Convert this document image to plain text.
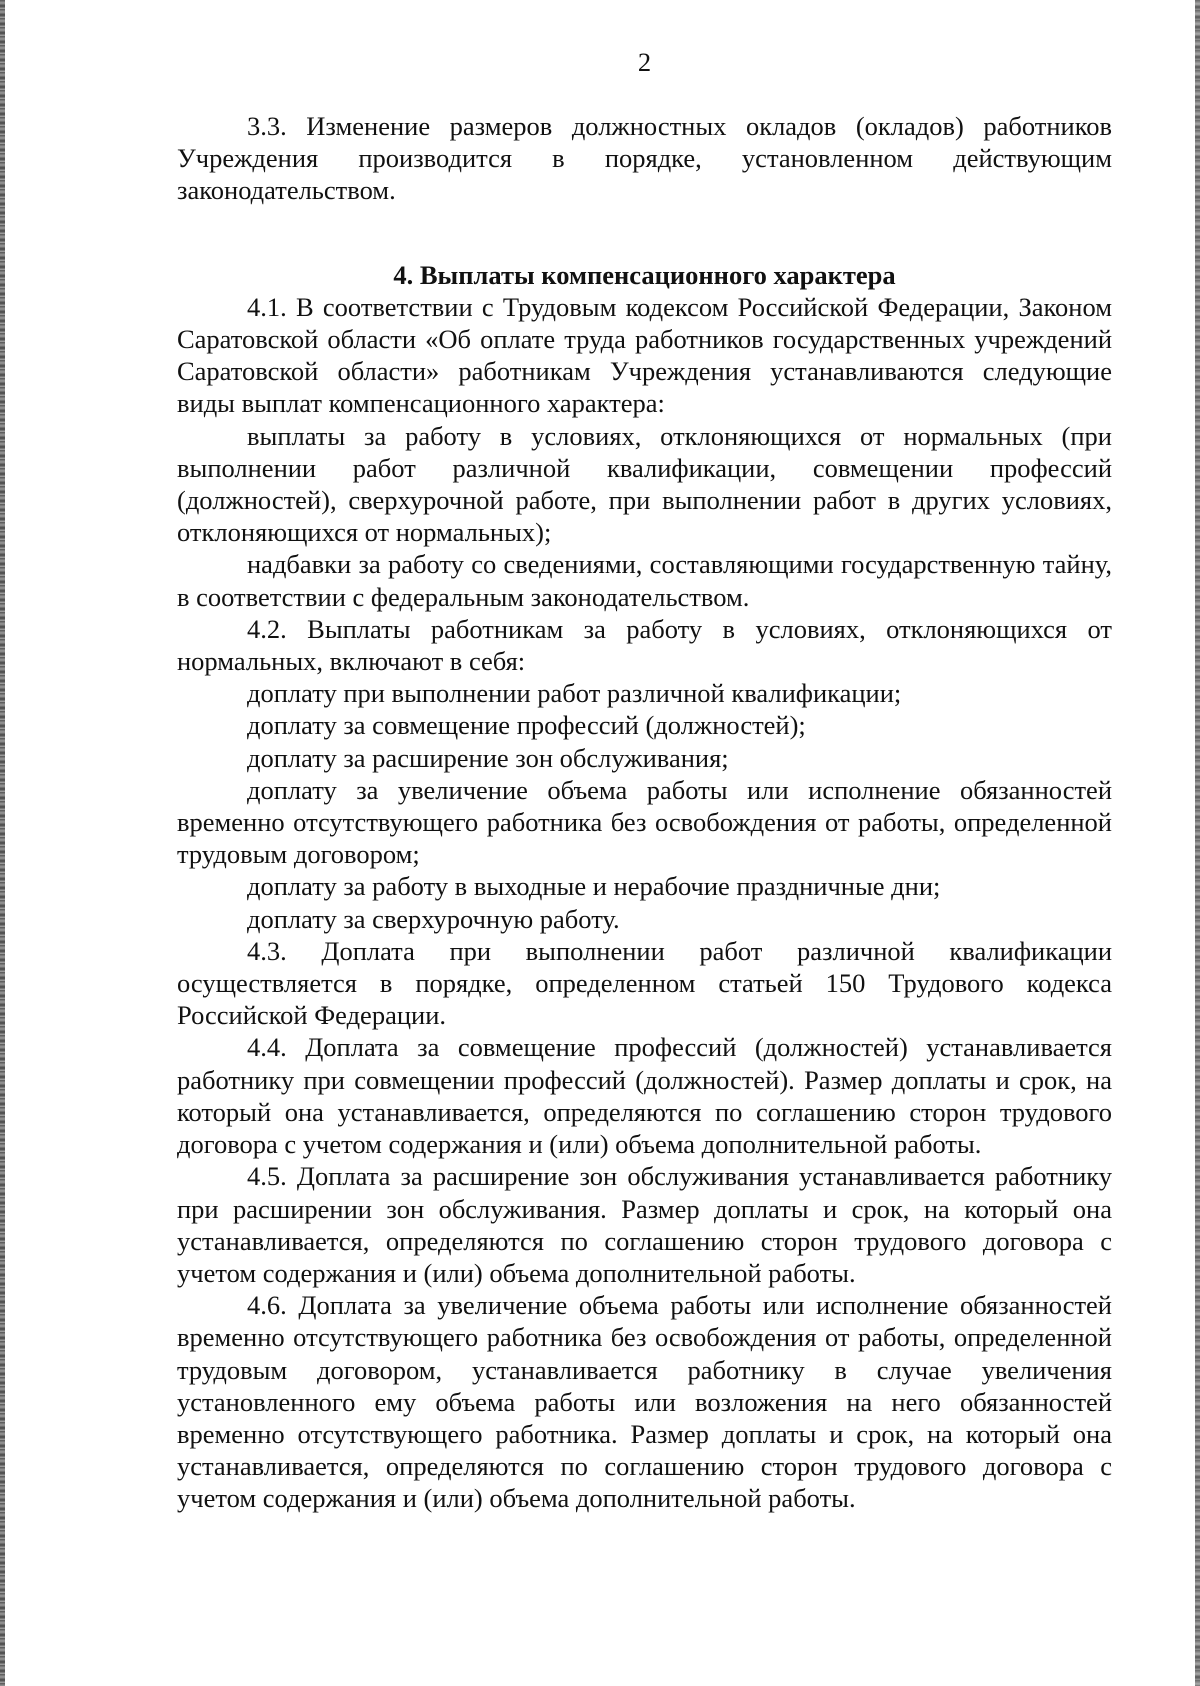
2

3.3. Изменение размеров должностных окладов (окладов) работников Учреждения производится в порядке, установленном действующим законодательством.

4. Выплаты компенсационного характера

4.1. В соответствии с Трудовым кодексом Российской Федерации, Законом Саратовской области «Об оплате труда работников государственных учреждений Саратовской области» работникам Учреждения устанавливаются следующие виды выплат компенсационного характера:

выплаты за работу в условиях, отклоняющихся от нормальных (при выполнении работ различной квалификации, совмещении профессий (должностей), сверхурочной работе, при выполнении работ в других условиях, отклоняющихся от нормальных);

надбавки за работу со сведениями, составляющими государственную тайну, в соответствии с федеральным законодательством.

4.2. Выплаты работникам за работу в условиях, отклоняющихся от нормальных, включают в себя:

доплату при выполнении работ различной квалификации;

доплату за совмещение профессий (должностей);

доплату за расширение зон обслуживания;

доплату за увеличение объема работы или исполнение обязанностей временно отсутствующего работника без освобождения от работы, определенной трудовым договором;

доплату за работу в выходные и нерабочие праздничные дни;

доплату за сверхурочную работу.

4.3. Доплата при выполнении работ различной квалификации осуществляется в порядке, определенном статьей 150 Трудового кодекса Российской Федерации.

4.4. Доплата за совмещение профессий (должностей) устанавливается работнику при совмещении профессий (должностей). Размер доплаты и срок, на который она устанавливается, определяются по соглашению сторон трудового договора с учетом содержания и (или) объема дополнительной работы.

4.5. Доплата за расширение зон обслуживания устанавливается работнику при расширении зон обслуживания. Размер доплаты и срок, на который она устанавливается, определяются по соглашению сторон трудового договора с учетом содержания и (или) объема дополнительной работы.

4.6. Доплата за увеличение объема работы или исполнение обязанностей временно отсутствующего работника без освобождения от работы, определенной трудовым договором, устанавливается работнику в случае увеличения установленного ему объема работы или возложения на него обязанностей временно отсутствующего работника. Размер доплаты и срок, на который она устанавливается, определяются по соглашению сторон трудового договора с учетом содержания и (или) объема дополнительной работы.
